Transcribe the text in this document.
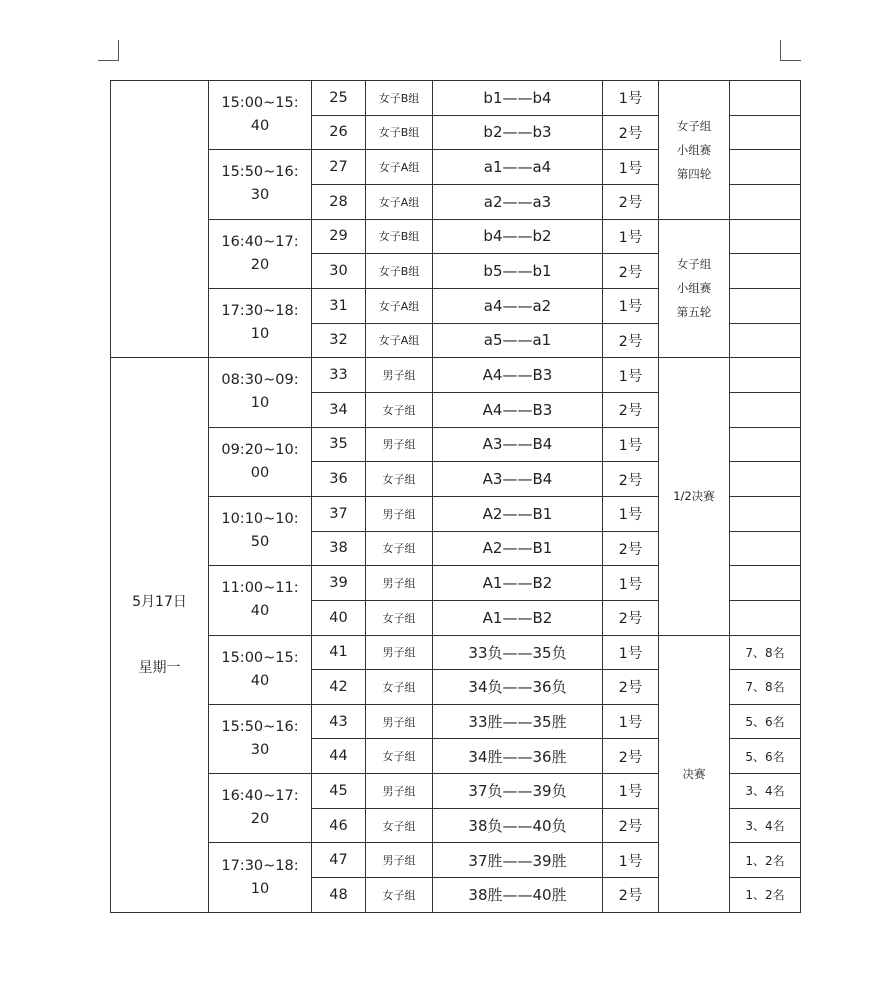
	15:00~15:
40	25	女子B组	b1——b4	1号	女子组
小组赛
第四轮	

		26	女子B组	b2——b3	2号		

	15:50~16:
30	27	女子A组	a1——a4	1号		
		28	女子A组	a2——a3	2号		

	16:40~17:
20	29	女子B组	b4——b2	1号	女子组
小组赛
第五轮	

		30	女子B组	b5——b1	2号		

	17:30~18:
10	31	女子A组	a4——a2	1号		
		32	女子A组	a5——a1	2号		

5月17日
星期一	08:30~09:
10	33	男子组	A4——B3	1号	1/2决赛	

		34	女子组	A4——B3	2号		

	09:20~10:
00	35	男子组	A3——B4	1号		
		36	女子组	A3——B4	2号		

	10:10~10:
50	37	男子组	A2——B1	1号		
		38	女子组	A2——B1	2号		

	11:00~11:
40	39	男子组	A1——B2	1号		
		40	女子组	A1——B2	2号		

	15:00~15:
40	41	男子组	33负——35负	1号	决赛	7、8名
		42	女子组	34负——36负	2号		7、8名

	15:50~16:
30	43	男子组	33胜——35胜	1号		5、6名
		44	女子组	34胜——36胜	2号		5、6名

	16:40~17:
20	45	男子组	37负——39负	1号		3、4名
		46	女子组	38负——40负	2号		3、4名

	17:30~18:
10	47	男子组	37胜——39胜	1号		1、2名
		48	女子组	38胜——40胜	2号		1、2名
